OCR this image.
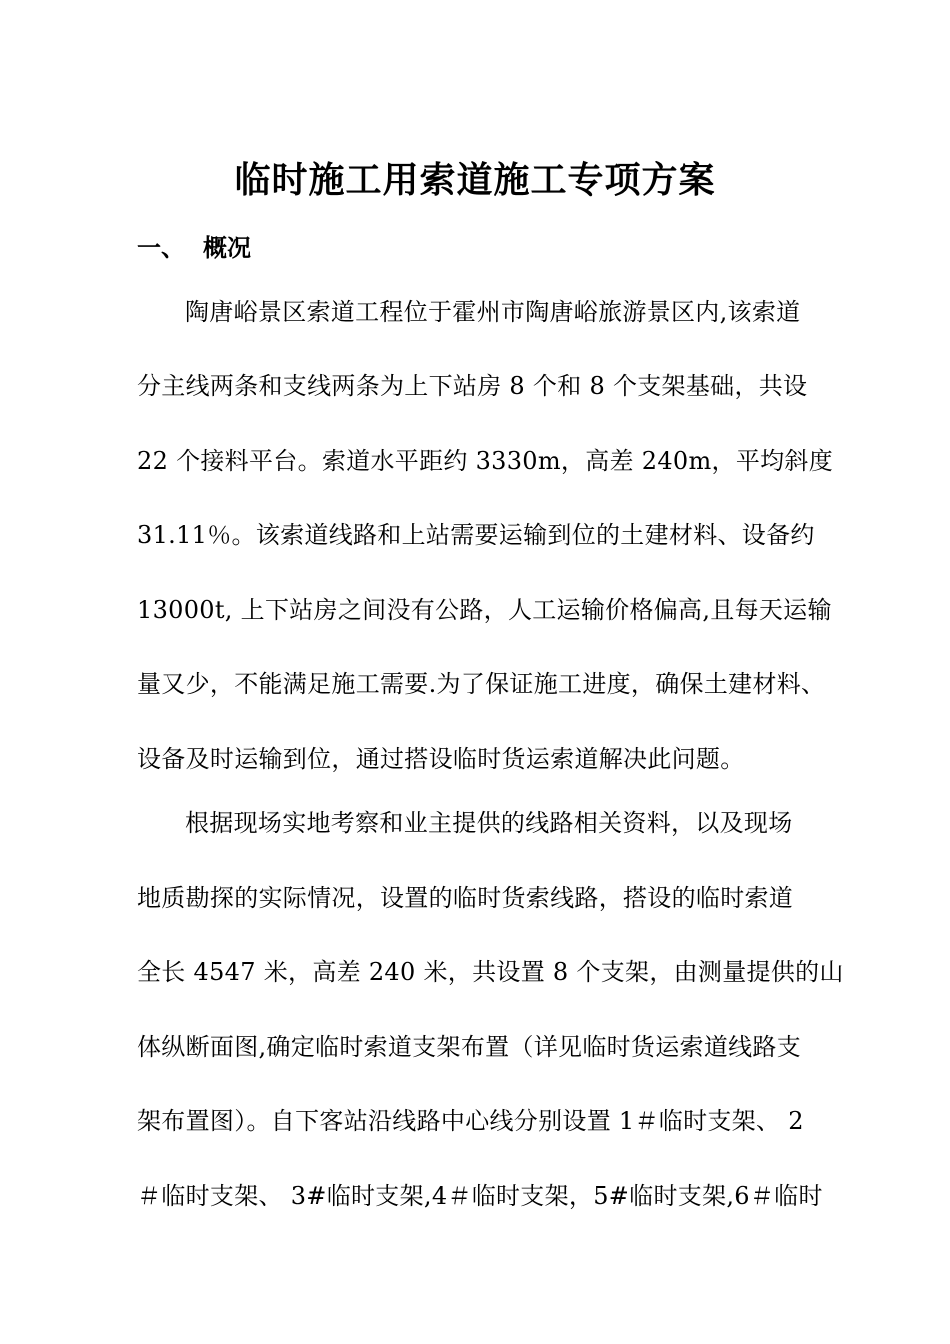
临时施工用索道施工专项方案
一、 概况
陶唐峪景区索道工程位于霍州市陶唐峪旅游景区内,该索道
分主线两条和支线两条为上下站房 8 个和 8 个支架基础，共设
22 个接料平台。索道水平距约 3330m，高差 240m，平均斜度
31.11％。该索道线路和上站需要运输到位的土建材料、设备约
13000t, 上下站房之间没有公路，人工运输价格偏高,且每天运输
量又少，不能满足施工需要.为了保证施工进度，确保土建材料、
设备及时运输到位，通过搭设临时货运索道解决此问题。
根据现场实地考察和业主提供的线路相关资料，以及现场
地质勘探的实际情况，设置的临时货索线路，搭设的临时索道
全长 4547 米，高差 240 米，共设置 8 个支架，由测量提供的山
体纵断面图,确定临时索道支架布置（详见临时货运索道线路支
架布置图）。自下客站沿线路中心线分别设置 1＃临时支架、 2
＃临时支架、 3#临时支架,4＃临时支架，5#临时支架,6＃临时
